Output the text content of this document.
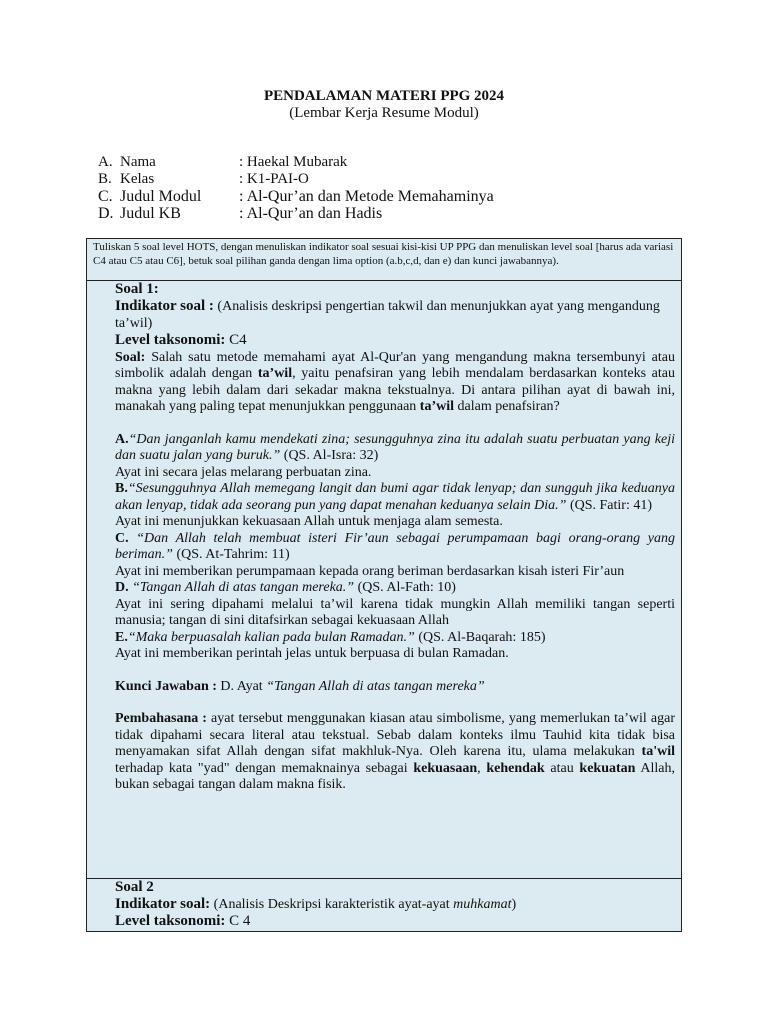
PENDALAMAN MATERI PPG 2024
(Lembar Kerja Resume Modul)
A. Nama	: Haekal Mubarak
B. Kelas	: K1-PAI-O
C. Judul Modul	: Al-Qur’an dan Metode Memahaminya
D. Judul KB	: Al-Qur’an dan Hadis
Tuliskan 5 soal level HOTS, dengan menuliskan indikator soal sesuai kisi-kisi UP PPG dan menuliskan level soal [harus ada variasi C4 atau C5 atau C6], betuk soal pilihan ganda dengan lima option (a.b,c,d, dan e) dan kunci jawabannya).

Soal 1:

Indikator soal : (Analisis deskripsi pengertian takwil dan menunjukkan ayat yang mengandung ta’wil)

Level taksonomi: C4

Soal: Salah satu metode memahami ayat Al-Qur'an yang mengandung makna tersembunyi atau simbolik adalah dengan ta’wil, yaitu penafsiran yang lebih mendalam berdasarkan konteks atau makna yang lebih dalam dari sekadar makna tekstualnya. Di antara pilihan ayat di bawah ini, manakah yang paling tepat menunjukkan penggunaan ta’wil dalam penafsiran?

A.“Dan janganlah kamu mendekati zina; sesungguhnya zina itu adalah suatu perbuatan yang keji dan suatu jalan yang buruk.” (QS. Al-Isra: 32)

Ayat ini secara jelas melarang perbuatan zina.

B.“Sesungguhnya Allah memegang langit dan bumi agar tidak lenyap; dan sungguh jika keduanya akan lenyap, tidak ada seorang pun yang dapat menahan keduanya selain Dia.” (QS. Fatir: 41)

Ayat ini menunjukkan kekuasaan Allah untuk menjaga alam semesta.

C. “Dan Allah telah membuat isteri Fir’aun sebagai perumpamaan bagi orang-orang yang beriman.” (QS. At-Tahrim: 11)

Ayat ini memberikan perumpamaan kepada orang beriman berdasarkan kisah isteri Fir’aun

D. “Tangan Allah di atas tangan mereka.” (QS. Al-Fath: 10)

Ayat ini sering dipahami melalui ta’wil karena tidak mungkin Allah memiliki tangan seperti manusia; tangan di sini ditafsirkan sebagai kekuasaan Allah

E.“Maka berpuasalah kalian pada bulan Ramadan.” (QS. Al-Baqarah: 185)

Ayat ini memberikan perintah jelas untuk berpuasa di bulan Ramadan.

Kunci Jawaban : D. Ayat “Tangan Allah di atas tangan mereka”

Pembahasana : ayat tersebut menggunakan kiasan atau simbolisme, yang memerlukan ta’wil agar tidak dipahami secara literal atau tekstual. Sebab dalam konteks ilmu Tauhid kita tidak bisa menyamakan sifat Allah dengan sifat makhluk-Nya. Oleh karena itu, ulama melakukan ta'wil terhadap kata "yad" dengan memaknainya sebagai kekuasaan, kehendak atau kekuatan Allah, bukan sebagai tangan dalam makna fisik.

Soal 2

Indikator soal: (Analisis Deskripsi karakteristik ayat-ayat muhkamat)

Level taksonomi: C 4
